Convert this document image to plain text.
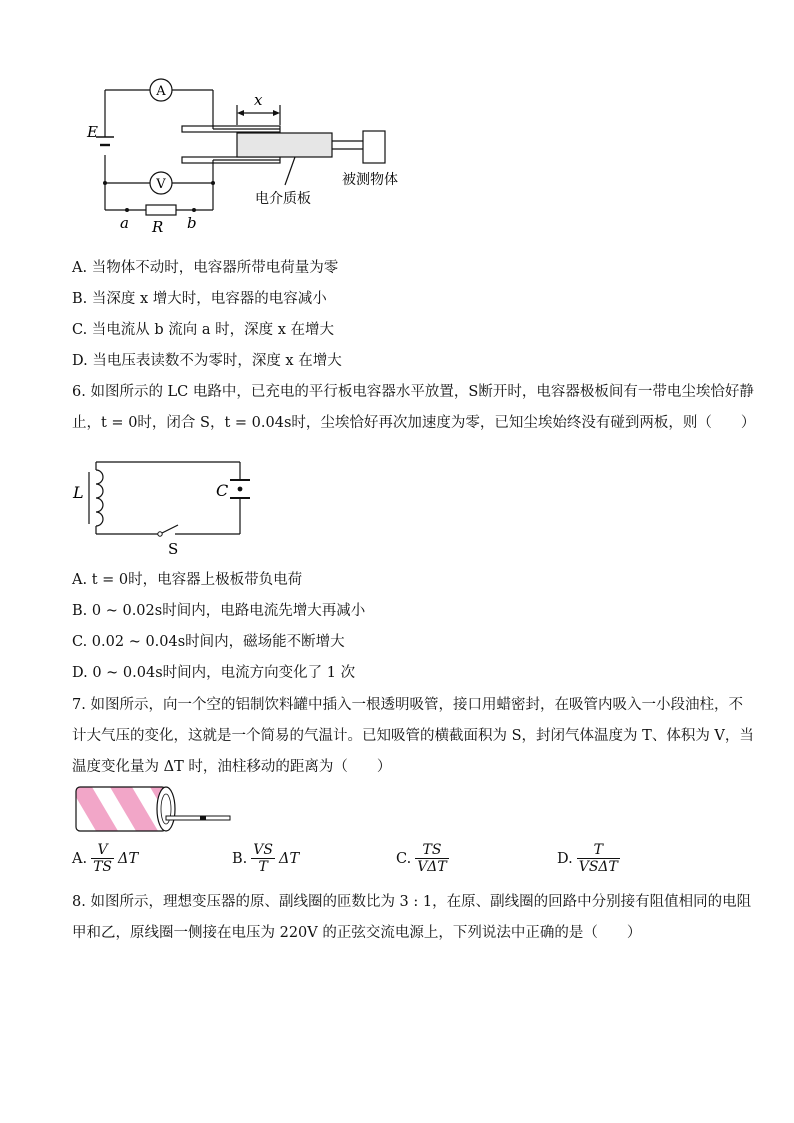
A
V
E
x
a R b
电介质板
被测物体
A. 当物体不动时，电容器所带电荷量为零
B. 当深度 x 增大时，电容器的电容减小
C. 当电流从 b 流向 a 时，深度 x 在增大
D. 当电压表读数不为零时，深度 x 在增大
6. 如图所示的 LC 电路中，已充电的平行板电容器水平放置，S断开时，电容器极板间有一带电尘埃恰好静
止，t = 0时，闭合 S，t = 0.04s时，尘埃恰好再次加速度为零，已知尘埃始终没有碰到两板，则（　　）
L	C
S
A. t = 0时，电容器上极板带负电荷
B. 0 ~ 0.02s时间内，电路电流先增大再减小
C. 0.02 ~ 0.04s时间内，磁场能不断增大
D. 0 ~ 0.04s时间内，电流方向变化了 1 次
7. 如图所示，向一个空的铝制饮料罐中插入一根透明吸管，接口用蜡密封，在吸管内吸入一小段油柱，不
计大气压的变化，这就是一个简易的气温计。已知吸管的横截面积为 S，封闭气体温度为 T、体积为 V，当
温度变化量为 ΔT 时，油柱移动的距离为（　　）
A. $\frac{V}{TS}$ ΔT	B. $\frac{VS}{T}$ ΔT	C. $\frac{TS}{\text{VΔT}}$	D. $\frac{T}{\text{VSΔT}}$
8. 如图所示，理想变压器的原、副线圈的匝数比为 3 : 1，在原、副线圈的回路中分别接有阻值相同的电阻
甲和乙，原线圈一侧接在电压为 220V 的正弦交流电源上，下列说法中正确的是（　　）
